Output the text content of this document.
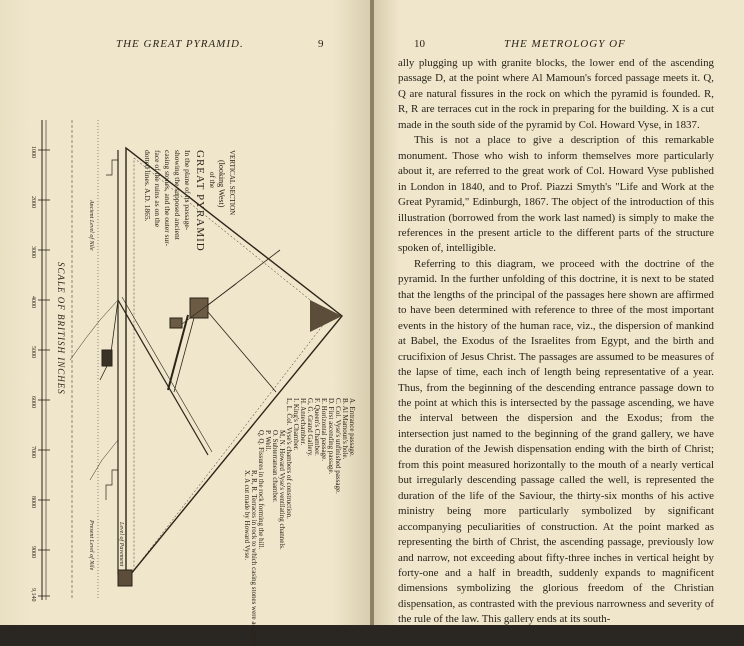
THE GREAT PYRAMID.	9
VERTICAL SECTION
(looking West)
of the
GREAT PYRAMID
In the plane of its passage-
showing the supposed ancient
casing stones, and the outer sur-
face of the ruins as on the
dotted lines. A.D. 1865.
A. Entrance passage.
B. Al Mamoun's hole.
C. Col. Vyse's unfinished passage.
D. First ascending passage.
E. Horizontal passage.
F. Queen's Chamber.
G, G. Grand Gallery.
H. Antechamber.
I. King's Chamber.
L, L. Col. Vyse's chambers of construction.
M, N. Howard Vyse's ventilating channels.
O. Subterranean chamber.
P. Well.
Q, Q. Fissures in the rock forming the hill.
R, R, R. Terraces in rock to which casing stones were adjusted.
X. A cut made by Howard Vyse.
SCALE OF BRITISH INCHES
1000
2000
3000
4000
5000
6000
7000
8000
9000
9,140
Ancient Level of Nile
Present Level of Nile	Level of Pavement
10	THE METROLOGY OF

ally plugging up with granite blocks, the lower end of the ascending passage D, at the point where Al Mamoun's forced passage meets it. Q, Q are natural fissures in the rock on which the pyramid is founded. R, R, R are terraces cut in the rock in preparing for the building. X is a cut made in the south side of the pyramid by Col. Howard Vyse, in 1837.

This is not a place to give a description of this remarkable monument. Those who wish to inform themselves more particularly about it, are referred to the great work of Col. Howard Vyse published in London in 1840, and to Prof. Piazzi Smyth's "Life and Work at the Great Pyramid," Edinburgh, 1867. The object of the introduction of this illustration (borrowed from the work last named) is simply to make the references in the present article to the different parts of the structure spoken of, intelligible.

Referring to this diagram, we proceed with the doctrine of the pyramid. In the further unfolding of this doctrine, it is next to be stated that the lengths of the principal of the passages here shown are affirmed to have been determined with reference to three of the most important events in the history of the human race, viz., the dispersion of mankind at Babel, the Exodus of the Israelites from Egypt, and the birth and crucifixion of Jesus Christ. The passages are assumed to be measures of the lapse of time, each inch of length being representative of a year. Thus, from the beginning of the descending entrance passage down to the point at which this is intersected by the passage ascending, we have the interval between the dispersion and the Exodus; from the intersection just named to the beginning of the grand gallery, we have the duration of the Jewish dispensation ending with the birth of Christ; from this point measured horizontally to the mouth of a nearly vertical but irregularly descending passage called the well, is represented the duration of the life of the Saviour, the thirty-six months of his active ministry being more particularly symbolized by significant accompanying peculiarities of construction. At the point marked as representing the birth of Christ, the ascending passage, previously low and narrow, not exceeding about fifty-three inches in vertical height by forty-one and a half in breadth, suddenly expands to magnificent dimensions symbolizing the glorious freedom of the Christian dispensation, as contrasted with the previous narrowness and severity of the rule of the law. This gallery ends at its south-
